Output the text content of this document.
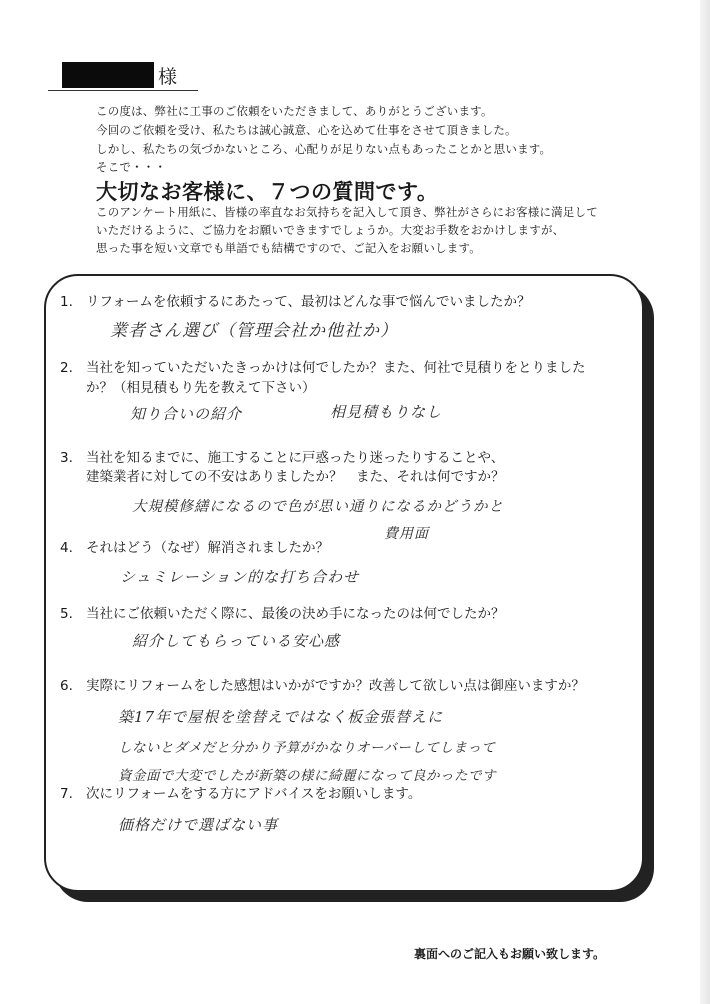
様
この度は、弊社に工事のご依頼をいただきまして、ありがとうございます。
今回のご依頼を受け、私たちは誠心誠意、心を込めて仕事をさせて頂きました。
しかし、私たちの気づかないところ、心配りが足りない点もあったことかと思います。
そこで・・・
大切なお客様に、７つの質問です。
このアンケート用紙に、皆様の率直なお気持ちを記入して頂き、弊社がさらにお客様に満足して
いただけるように、ご協力をお願いできますでしょうか。大変お手数をおかけしますが、
思った事を短い文章でも単語でも結構ですので、ご記入をお願いします。
1. リフォームを依頼するにあたって、最初はどんな事で悩んでいましたか？
業者さん選び（管理会社か他社か）
2. 当社を知っていただいたきっかけは何でしたか？また、何社で見積りをとりました
か？（相見積もり先を教えて下さい）
知り合いの紹介	相見積もりなし
3. 当社を知るまでに、施工することに戸惑ったり迷ったりすることや、
建築業者に対しての不安はありましたか？　また、それは何ですか？
大規模修繕になるので色が思い通りになるかどうかと
費用面
4. それはどう（なぜ）解消されましたか？
シュミレーション的な打ち合わせ
5. 当社にご依頼いただく際に、最後の決め手になったのは何でしたか？
紹介してもらっている安心感
6. 実際にリフォームをした感想はいかがですか？改善して欲しい点は御座いますか？
築17年で屋根を塗替えではなく板金張替えに
しないとダメだと分かり予算がかなりオーバーしてしまって
資金面で大変でしたが新築の様に綺麗になって良かったです
7. 次にリフォームをする方にアドバイスをお願いします。
価格だけで選ばない事
裏面へのご記入もお願い致します。
